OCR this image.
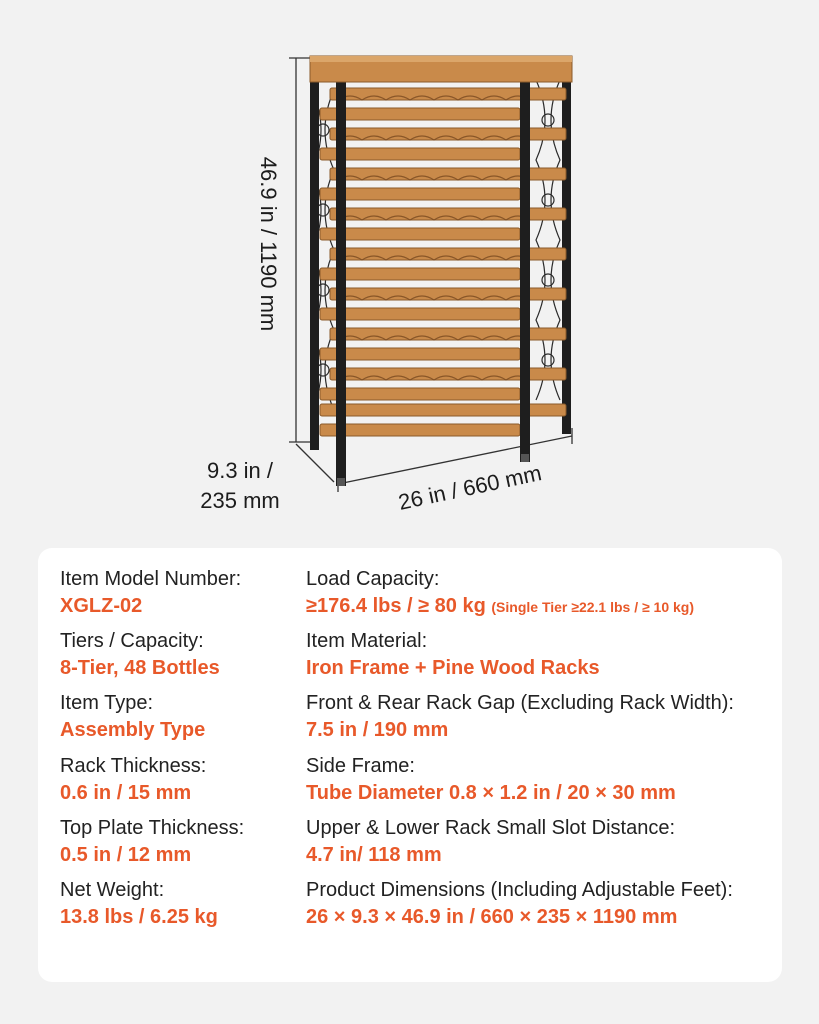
46.9 in / 1190 mm
9.3 in /
235 mm	26 in / 660 mm
Item Model Number:
XGLZ-02
Tiers / Capacity:
8-Tier, 48 Bottles
Item Type:
Assembly Type
Rack Thickness:
0.6 in / 15 mm
Top Plate Thickness:
0.5 in / 12 mm
Net Weight:
13.8 lbs / 6.25 kg
Load Capacity:
≥176.4 lbs / ≥ 80 kg (Single Tier ≥22.1 lbs / ≥ 10 kg)
Item Material:
Iron Frame + Pine Wood Racks
Front & Rear Rack Gap (Excluding Rack Width):
7.5 in / 190 mm
Side Frame:
Tube Diameter 0.8 × 1.2 in / 20 × 30 mm
Upper & Lower Rack Small Slot Distance:
4.7 in/ 118 mm
Product Dimensions (Including Adjustable Feet):
26 × 9.3 × 46.9 in / 660 × 235 × 1190 mm
